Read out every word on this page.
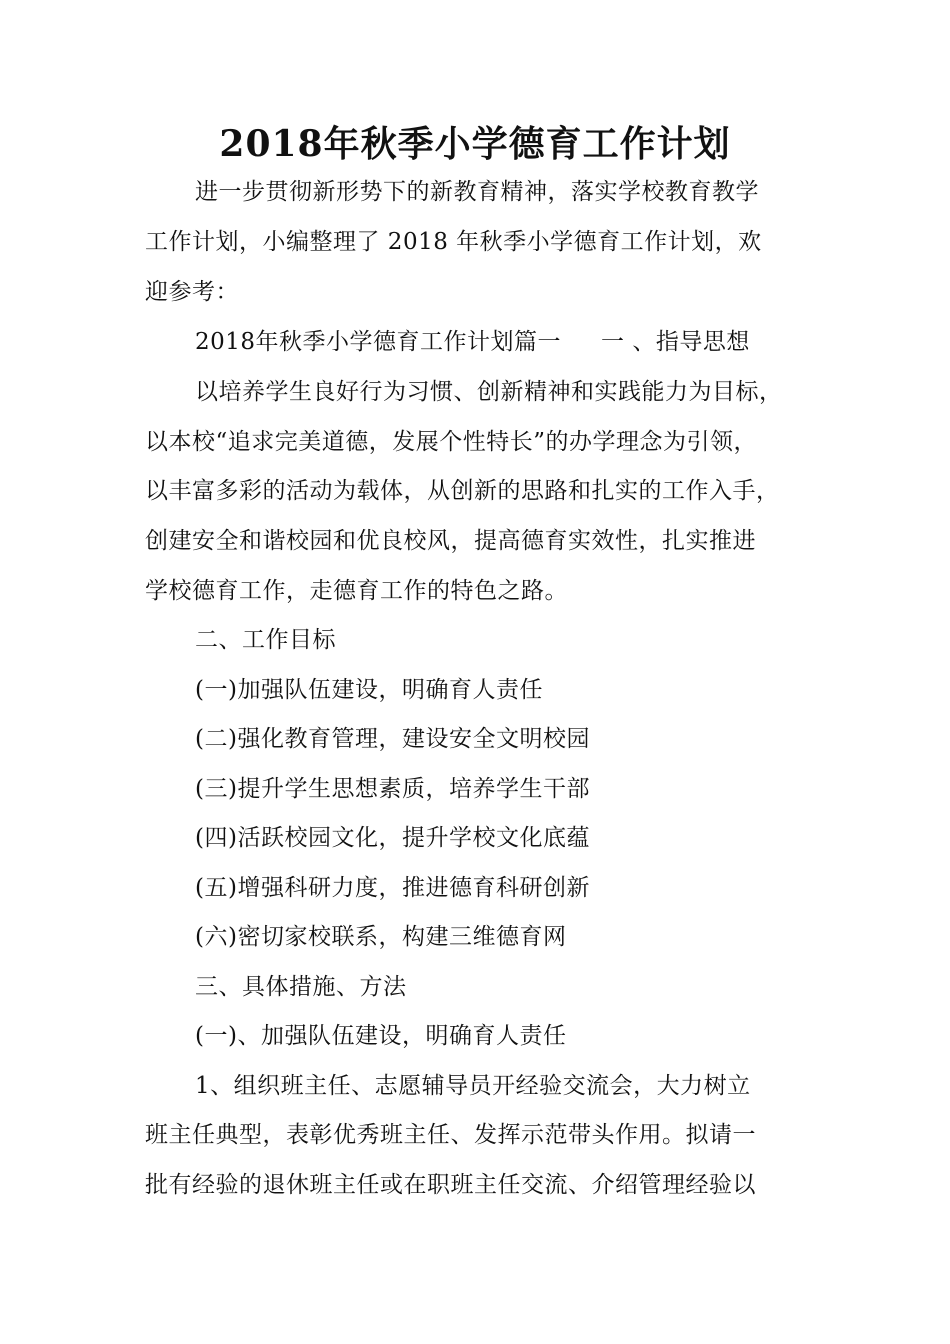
2018年秋季小学德育工作计划
进一步贯彻新形势下的新教育精神，落实学校教育教学
工作计划，小编整理了 2018 年秋季小学德育工作计划，欢
迎参考：
2018年秋季小学德育工作计划篇一 一 、指导思想
以培养学生良好行为习惯、创新精神和实践能力为目标，
以本校“追求完美道德，发展个性特长”的办学理念为引领，
以丰富多彩的活动为载体，从创新的思路和扎实的工作入手，
创建安全和谐校园和优良校风，提高德育实效性，扎实推进
学校德育工作，走德育工作的特色之路。
二、工作目标
(一)加强队伍建设，明确育人责任
(二)强化教育管理，建设安全文明校园
(三)提升学生思想素质，培养学生干部
(四)活跃校园文化，提升学校文化底蕴
(五)增强科研力度，推进德育科研创新
(六)密切家校联系，构建三维德育网
三、具体措施、方法
(一)、加强队伍建设，明确育人责任
1、组织班主任、志愿辅导员开经验交流会，大力树立
班主任典型，表彰优秀班主任、发挥示范带头作用。拟请一
批有经验的退休班主任或在职班主任交流、介绍管理经验以
